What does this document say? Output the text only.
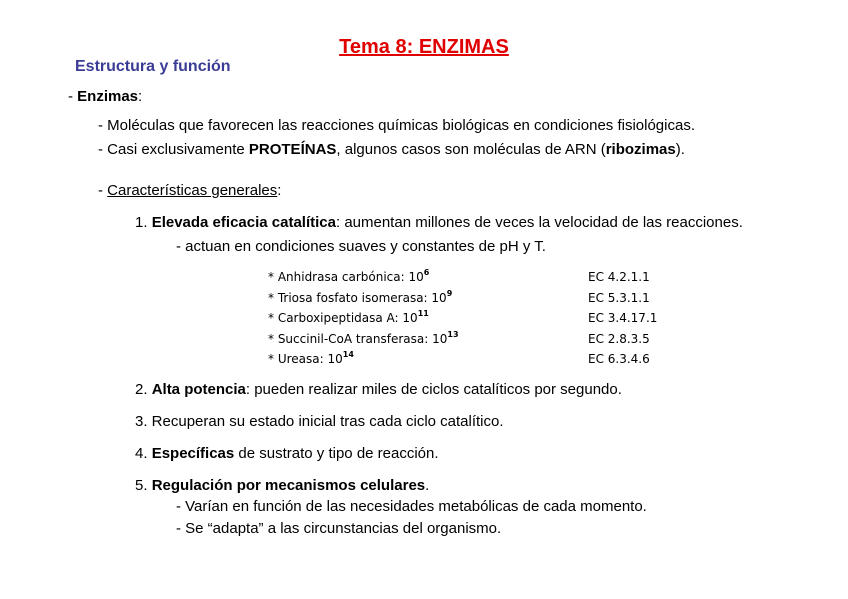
Tema 8: ENZIMAS
Estructura y función
- Enzimas:
- Moléculas que favorecen las reacciones químicas biológicas en condiciones fisiológicas.
- Casi exclusivamente PROTEÍNAS, algunos casos son moléculas de ARN (ribozimas).
- Características generales:
1. Elevada eficacia catalítica: aumentan millones de veces la velocidad de las reacciones.
- actuan en condiciones suaves y constantes de pH y T.
* Anhidrasa carbónica: $10^6$	EC 4.2.1.1
* Triosa fosfato isomerasa: $10^9$	EC 5.3.1.1
* Carboxipeptidasa A: $10^{11}$	EC 3.4.17.1
* Succinil-CoA transferasa: $10^{13}$	EC 2.8.3.5
* Ureasa: $10^{14}$	EC 6.3.4.6
2. Alta potencia: pueden realizar miles de ciclos catalíticos por segundo.
3. Recuperan su estado inicial tras cada ciclo catalítico.
4. Específicas de sustrato y tipo de reacción.
5. Regulación por mecanismos celulares.
- Varían en función de las necesidades metabólicas de cada momento.
- Se “adapta” a las circunstancias del organismo.
